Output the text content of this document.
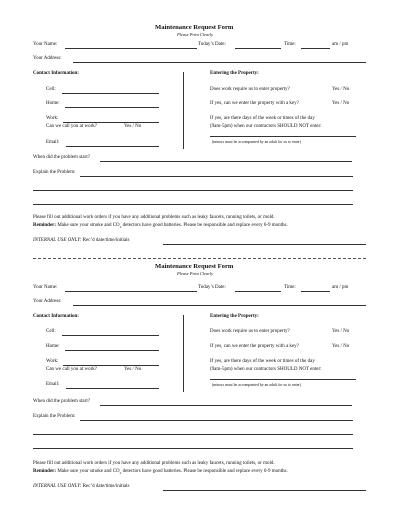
Maintenance Request Form
Please Print Clearly
Your Name:	Today’s Date:	Time:	am / pm
Your Address:
Contact Information:	Entering the Property:
Cell:
Home:
Work:
Can we call you at work?	Yes / No
Email:
Does work require us to enter property?	Yes / No
If yes, can we enter the property with a key?	Yes / No
If yes, are there days of the week or times of the day
(9am-5pm) when our contractors SHOULD NOT enter:
(minors must be accompanied by an adult for us to enter)
When did the problem start?
Explain the Problem:
Please fill out additional work orders if you have any additional problems such as leaky faucets, running toilets, or mold.
Reminder: Make sure your smoke and $CO_2$ detectors have good batteries. Please be responsible and replace every 6-9 months.
INTERNAL USE ONLY: Rec’d date/time/initials
Maintenance Request Form
Please Print Clearly
Your Name:	Today’s Date:	Time:	am / pm
Your Address:
Contact Information:	Entering the Property:
Cell:
Home:
Work:
Can we call you at work?	Yes / No
Email:
Does work require us to enter property?	Yes / No
If yes, can we enter the property with a key?	Yes / No
If yes, are there days of the week or times of the day
(9am-5pm) when our contractors SHOULD NOT enter:
(minors must be accompanied by an adult for us to enter)
When did the problem start?
Explain the Problem:
Please fill out additional work orders if you have any additional problems such as leaky faucets, running toilets, or mold.
Reminder: Make sure your smoke and $CO_2$ detectors have good batteries. Please be responsible and replace every 6-9 months.
INTERNAL USE ONLY: Rec’d date/time/initials
